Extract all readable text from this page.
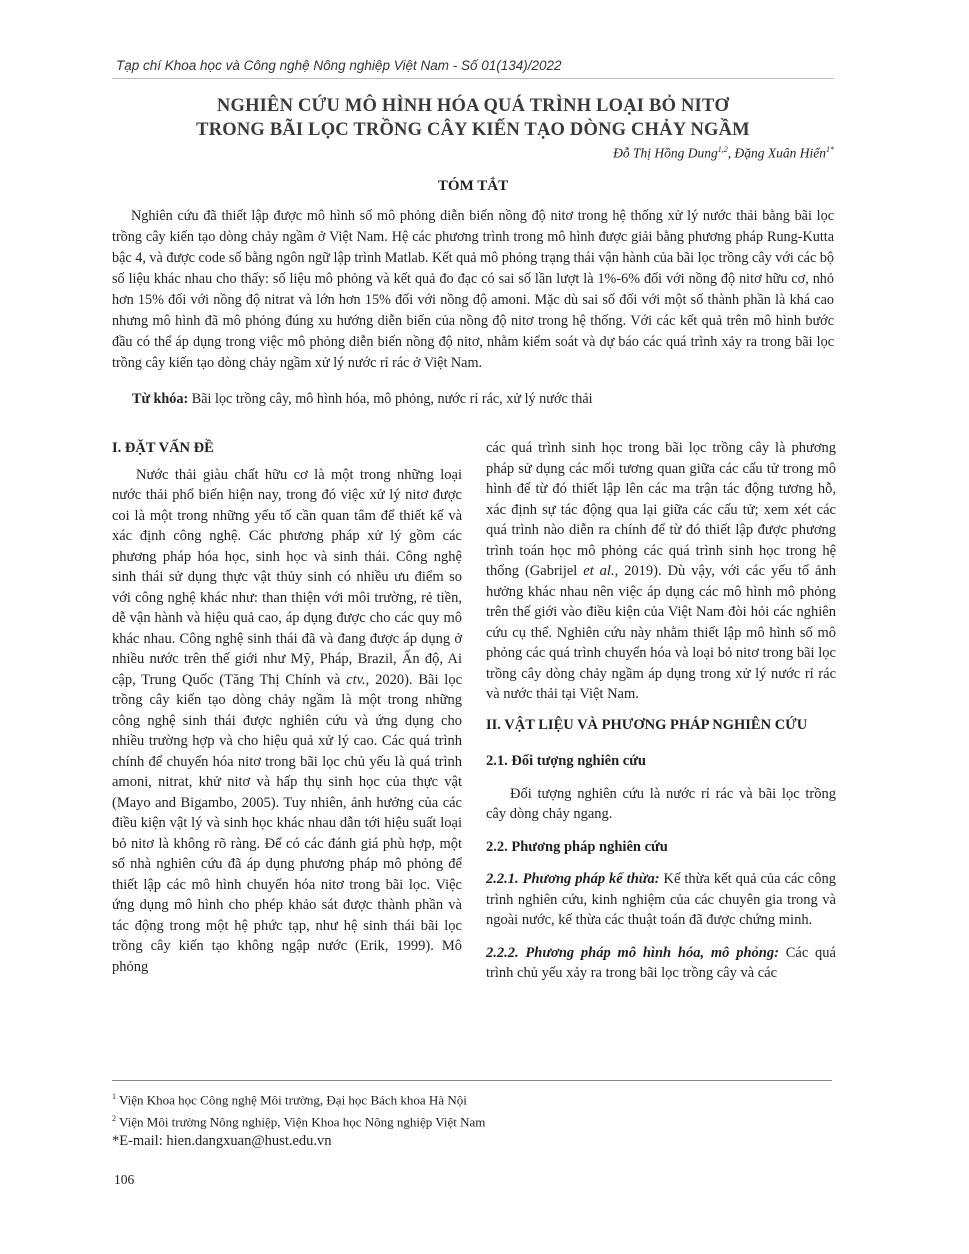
Tạp chí Khoa học và Công nghệ Nông nghiệp Việt Nam - Số 01(134)/2022
NGHIÊN CỨU MÔ HÌNH HÓA QUÁ TRÌNH LOẠI BỎ NITƠ
TRONG BÃI LỌC TRỒNG CÂY KIẾN TẠO DÒNG CHẢY NGẦM
Đỗ Thị Hồng Dung$^{1,2}$, Đặng Xuân Hiển$^{1*}$
TÓM TẮT

Nghiên cứu đã thiết lập được mô hình số mô phỏng diễn biến nồng độ nitơ trong hệ thống xử lý nước thải bằng bãi lọc trồng cây kiến tạo dòng chảy ngầm ở Việt Nam. Hệ các phương trình trong mô hình được giải bằng phương pháp Rung-Kutta bậc 4, và được code số bằng ngôn ngữ lập trình Matlab. Kết quả mô phỏng trạng thái vận hành của bãi lọc trồng cây với các bộ số liệu khác nhau cho thấy: số liệu mô phỏng và kết quả đo đạc có sai số lần lượt là 1%-6% đối với nồng độ nitơ hữu cơ, nhỏ hơn 15% đối với nồng độ nitrat và lớn hơn 15% đối với nồng độ amoni. Mặc dù sai số đối với một số thành phần là khá cao nhưng mô hình đã mô phỏng đúng xu hướng diễn biến của nồng độ nitơ trong hệ thống. Với các kết quả trên mô hình bước đầu có thể áp dụng trong việc mô phỏng diễn biến nồng độ nitơ, nhằm kiểm soát và dự báo các quá trình xảy ra trong bãi lọc trồng cây kiến tạo dòng chảy ngầm xử lý nước rỉ rác ở Việt Nam.

Từ khóa: Bãi lọc trồng cây, mô hình hóa, mô phỏng, nước rỉ rác, xử lý nước thải

I. ĐẶT VẤN ĐỀ

Nước thải giàu chất hữu cơ là một trong những loại nước thải phổ biến hiện nay, trong đó việc xử lý nitơ được coi là một trong những yếu tố cần quan tâm để thiết kế và xác định công nghệ. Các phương pháp xử lý gồm các phương pháp hóa học, sinh học và sinh thái. Công nghệ sinh thái sử dụng thực vật thủy sinh có nhiều ưu điểm so với công nghệ khác như: than thiện với môi trường, rẻ tiền, dễ vận hành và hiệu quả cao, áp dụng được cho các quy mô khác nhau. Công nghệ sinh thái đã và đang được áp dụng ở nhiều nước trên thế giới như Mỹ, Pháp, Brazil, Ấn độ, Ai cập, Trung Quốc (Tăng Thị Chính và ctv., 2020). Bãi lọc trồng cây kiến tạo dòng chảy ngầm là một trong những công nghệ sinh thái được nghiên cứu và ứng dụng cho nhiều trường hợp và cho hiệu quả xử lý cao. Các quá trình chính để chuyển hóa nitơ trong bãi lọc chủ yếu là quá trình amoni, nitrat, khử nitơ và hấp thụ sinh học của thực vật (Mayo and Bigambo, 2005). Tuy nhiên, ảnh hưởng của các điều kiện vật lý và sinh học khác nhau dẫn tới hiệu suất loại bỏ nitơ là không rõ ràng. Để có các đánh giá phù hợp, một số nhà nghiên cứu đã áp dụng phương pháp mô phỏng để thiết lập các mô hình chuyển hóa nitơ trong bãi lọc. Việc ứng dụng mô hình cho phép khảo sát được thành phần và tác động trong một hệ phức tạp, như hệ sinh thái bãi lọc trồng cây kiến tạo không ngập nước (Erik, 1999). Mô phỏng

các quá trình sinh học trong bãi lọc trồng cây là phương pháp sử dụng các mối tương quan giữa các cấu tử trong mô hình để từ đó thiết lập lên các ma trận tác động tương hỗ, xác định sự tác động qua lại giữa các cấu tử; xem xét các quá trình nào diễn ra chính để từ đó thiết lập được phương trình toán học mô phỏng các quá trình sinh học trong hệ thống (Gabrijel et al., 2019). Dù vậy, với các yếu tố ảnh hưởng khác nhau nên việc áp dụng các mô hình mô phỏng trên thế giới vào điều kiện của Việt Nam đòi hỏi các nghiên cứu cụ thể. Nghiên cứu này nhằm thiết lập mô hình số mô phỏng các quá trình chuyển hóa và loại bỏ nitơ trong bãi lọc trồng cây dòng chảy ngầm áp dụng trong xử lý nước rỉ rác và nước thải tại Việt Nam.

II. VẬT LIỆU VÀ PHƯƠNG PHÁP NGHIÊN CỨU

2.1. Đối tượng nghiên cứu

Đối tượng nghiên cứu là nước rỉ rác và bãi lọc trồng cây dòng chảy ngang.

2.2. Phương pháp nghiên cứu

2.2.1. Phương pháp kế thừa: Kế thừa kết quả của các công trình nghiên cứu, kinh nghiệm của các chuyên gia trong và ngoài nước, kế thừa các thuật toán đã được chứng minh.

2.2.2. Phương pháp mô hình hóa, mô phỏng: Các quá trình chủ yếu xảy ra trong bãi lọc trồng cây và các

$^1$ Viện Khoa học Công nghệ Môi trường, Đại học Bách khoa Hà Nội
$^2$ Viện Môi trường Nông nghiệp, Viện Khoa học Nông nghiệp Việt Nam
*E-mail: hien.dangxuan@hust.edu.vn
106
